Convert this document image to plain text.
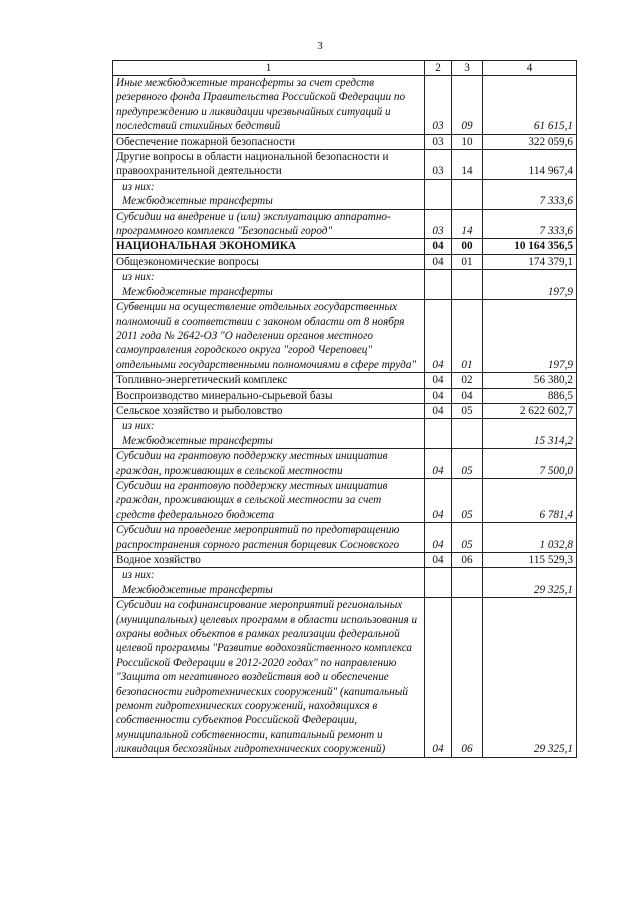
3
1	2	3	4
Иные межбюджетные трансферты за счет средств резервного фонда Правительства Российской Федерации по предупреждению и ликвидации чрезвычайных ситуаций и последствий стихийных бедствий	03	09	61 615,1
Обеспечение пожарной безопасности	03	10	322 059,6
Другие вопросы в области национальной безопасности и правоохранительной деятельности	03	14	114 967,4

из них:
Межбюджетные трансферты			7 333,6
Субсидии на внедрение и (или) эксплуатацию аппаратно-программного комплекса "Безопасный город"	03	14	7 333,6
НАЦИОНАЛЬНАЯ ЭКОНОМИКА	04	00	10 164 356,5
Общеэкономические вопросы	04	01	174 379,1

из них:
Межбюджетные трансферты			197,9
Субвенции на осуществление отдельных государственных полномочий в соответствии с законом области от 8 ноября 2011 года № 2642-ОЗ "О наделении органов местного самоуправления городского округа "город Череповец" отдельными государственными полномочиями в сфере труда"	04	01	197,9
Топливно-энергетический комплекс	04	02	56 380,2
Воспроизводство минерально-сырьевой базы	04	04	886,5
Сельское хозяйство и рыболовство	04	05	2 622 602,7

из них:
Межбюджетные трансферты			15 314,2
Субсидии на грантовую поддержку местных инициатив граждан, проживающих в сельской местности	04	05	7 500,0
Субсидии на грантовую поддержку местных инициатив граждан, проживающих в сельской местности за счет средств федерального бюджета	04	05	6 781,4
Субсидии на проведение мероприятий по предотвращению распространения сорного растения борщевик Сосновского	04	05	1 032,8
Водное хозяйство	04	06	115 529,3

из них:
Межбюджетные трансферты			29 325,1
Субсидии на софинансирование мероприятий региональных (муниципальных) целевых программ в области использования и охраны водных объектов в рамках реализации федеральной целевой программы "Развитие водохозяйственного комплекса Российской Федерации в 2012-2020 годах" по направлению "Защита от негативного воздействия вод и обеспечение безопасности гидротехнических сооружений" (капитальный ремонт гидротехнических сооружений, находящихся в собственности субъектов Российской Федерации, муниципальной собственности, капитальный ремонт и ликвидация бесхозяйных гидротехнических сооружений)	04	06	29 325,1
